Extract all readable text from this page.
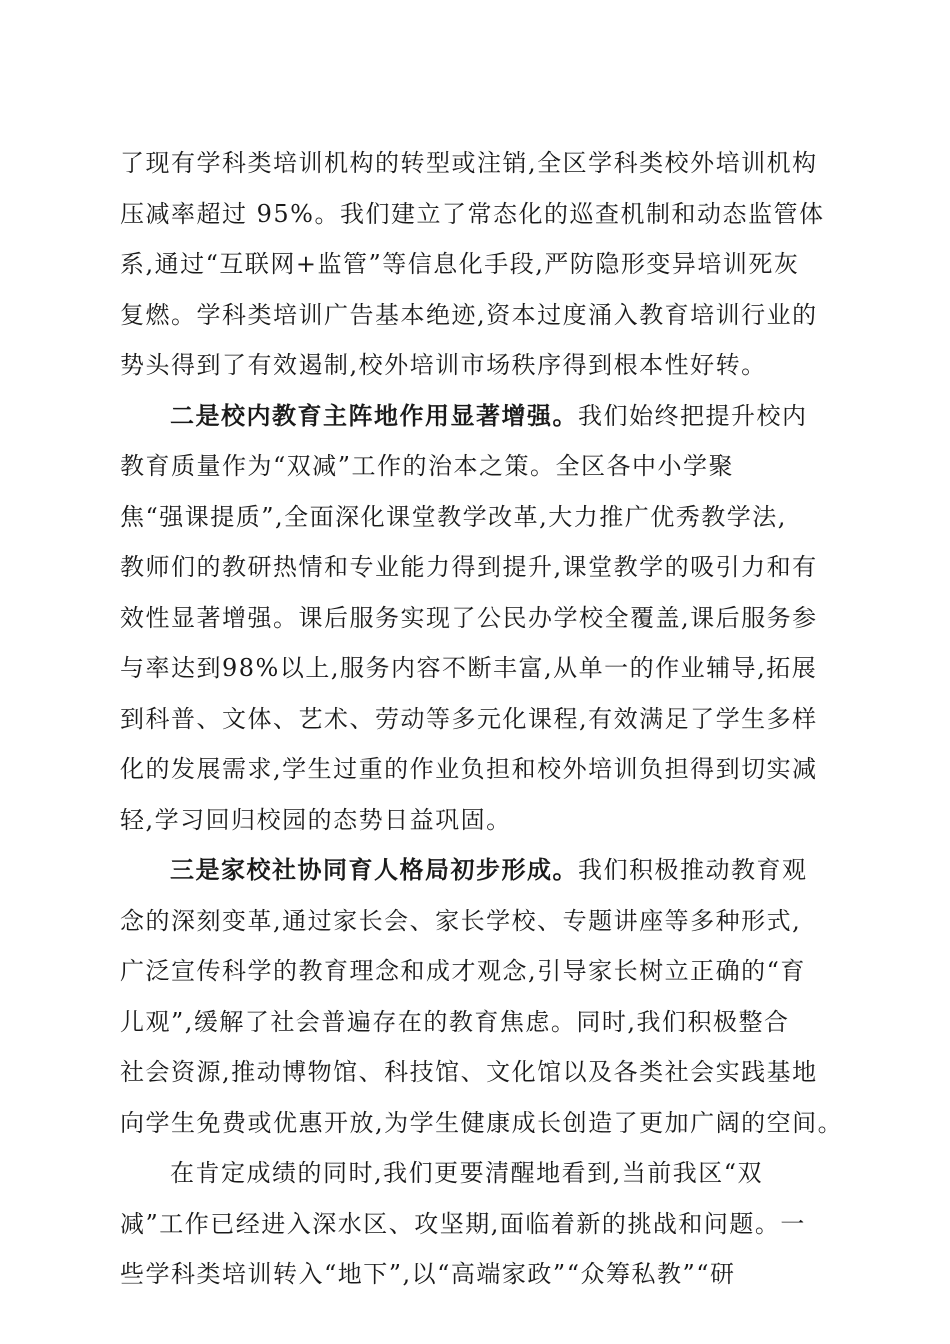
了现有学科类培训机构的转型或注销,全区学科类校外培训机构
压减率超过 95%。我们建立了常态化的巡查机制和动态监管体
系,通过“互联网+监管”等信息化手段,严防隐形变异培训死灰
复燃。学科类培训广告基本绝迹,资本过度涌入教育培训行业的
势头得到了有效遏制,校外培训市场秩序得到根本性好转。
二是校内教育主阵地作用显著增强。我们始终把提升校内
教育质量作为“双减”工作的治本之策。全区各中小学聚
焦“强课提质”,全面深化课堂教学改革,大力推广优秀教学法,
教师们的教研热情和专业能力得到提升,课堂教学的吸引力和有
效性显著增强。课后服务实现了公民办学校全覆盖,课后服务参
与率达到98%以上,服务内容不断丰富,从单一的作业辅导,拓展
到科普、文体、艺术、劳动等多元化课程,有效满足了学生多样
化的发展需求,学生过重的作业负担和校外培训负担得到切实减
轻,学习回归校园的态势日益巩固。
三是家校社协同育人格局初步形成。我们积极推动教育观
念的深刻变革,通过家长会、家长学校、专题讲座等多种形式,
广泛宣传科学的教育理念和成才观念,引导家长树立正确的“育
儿观”,缓解了社会普遍存在的教育焦虑。同时,我们积极整合
社会资源,推动博物馆、科技馆、文化馆以及各类社会实践基地
向学生免费或优惠开放,为学生健康成长创造了更加广阔的空间。
在肯定成绩的同时,我们更要清醒地看到,当前我区“双
减”工作已经进入深水区、攻坚期,面临着新的挑战和问题。一
些学科类培训转入“地下”,以“高端家政”“众筹私教”“研
